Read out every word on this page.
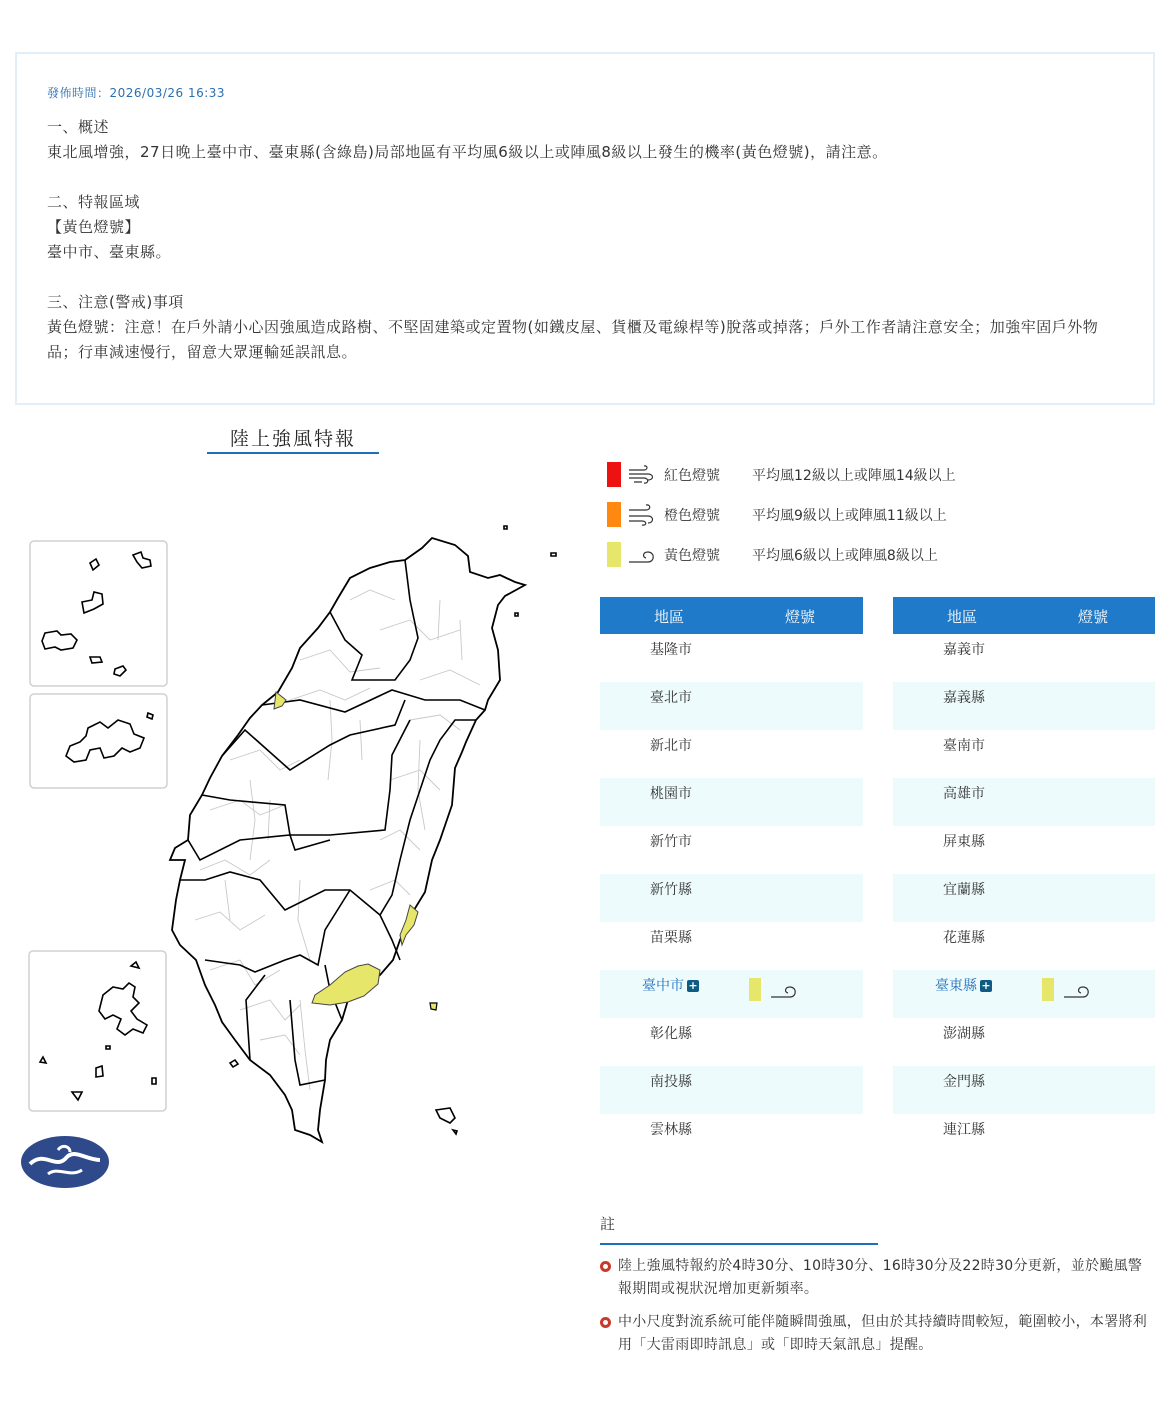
發佈時間：2026/03/26 16:33

一、概述

東北風增強，27日晚上臺中市、臺東縣(含綠島)局部地區有平均風6級以上或陣風8級以上發生的機率(黃色燈號)，請注意。

二、特報區域

【黃色燈號】

臺中市、臺東縣。

三、注意(警戒)事項

黃色燈號：注意！在戶外請小心因強風造成路樹、不堅固建築或定置物(如鐵皮屋、貨櫃及電線桿等)脫落或掉落；戶外工作者請注意安全；加強牢固戶外物品；行車減速慢行，留意大眾運輸延誤訊息。

陸上強風特報
紅色燈號 平均風12級以上或陣風14級以上
橙色燈號 平均風9級以上或陣風11級以上
黃色燈號 平均風6級以上或陣風8級以上
地區	燈號
基隆市
臺北市
新北市
桃園市
新竹市
新竹縣
苗栗縣
臺中市 +
彰化縣
南投縣
雲林縣
地區	燈號
嘉義市
嘉義縣
臺南市
高雄市
屏東縣
宜蘭縣
花蓮縣
臺東縣 +
澎湖縣
金門縣
連江縣
註
陸上強風特報約於4時30分、10時30分、16時30分及22時30分更新，並於颱風警報期間或視狀況增加更新頻率。
中小尺度對流系統可能伴隨瞬間強風，但由於其持續時間較短，範圍較小，本署將利用「大雷雨即時訊息」或「即時天氣訊息」提醒。
